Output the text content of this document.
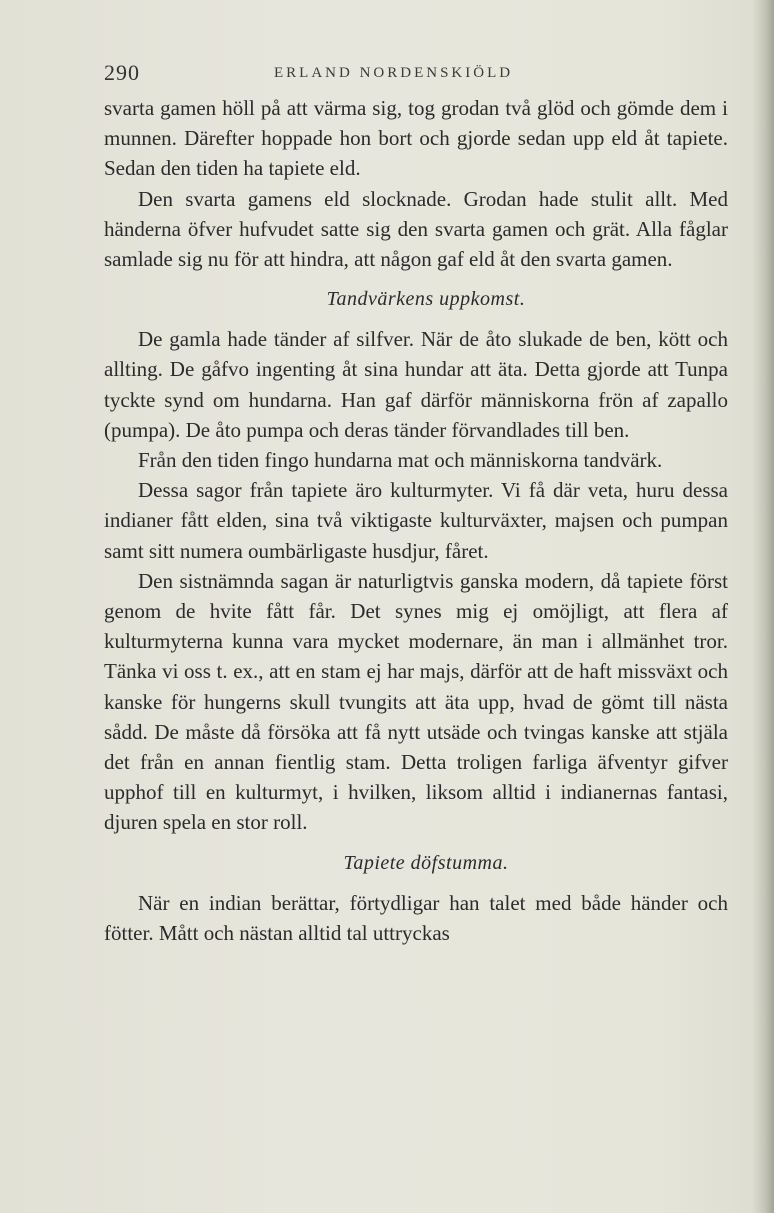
290	ERLAND NORDENSKIÖLD

svarta gamen höll på att värma sig, tog grodan två glöd och gömde dem i munnen. Därefter hoppade hon bort och gjorde sedan upp eld åt tapiete. Sedan den tiden ha tapiete eld.

Den svarta gamens eld slocknade. Grodan hade stulit allt. Med händerna öfver hufvudet satte sig den svarta gamen och grät. Alla fåglar samlade sig nu för att hindra, att någon gaf eld åt den svarta gamen.

Tandvärkens uppkomst.

De gamla hade tänder af silfver. När de åto slukade de ben, kött och allting. De gåfvo ingenting åt sina hundar att äta. Detta gjorde att Tunpa tyckte synd om hundarna. Han gaf därför människorna frön af zapallo (pumpa). De åto pumpa och deras tänder förvandlades till ben.

Från den tiden fingo hundarna mat och människorna tandvärk.

Dessa sagor från tapiete äro kulturmyter. Vi få där veta, huru dessa indianer fått elden, sina två viktigaste kulturväxter, majsen och pumpan samt sitt numera oumbärligaste husdjur, fåret.

Den sistnämnda sagan är naturligtvis ganska modern, då tapiete först genom de hvite fått får. Det synes mig ej omöjligt, att flera af kulturmyterna kunna vara mycket modernare, än man i allmänhet tror. Tänka vi oss t. ex., att en stam ej har majs, därför att de haft missväxt och kanske för hungerns skull tvungits att äta upp, hvad de gömt till nästa sådd. De måste då försöka att få nytt utsäde och tvingas kanske att stjäla det från en annan fientlig stam. Detta troligen farliga äfventyr gifver upphof till en kulturmyt, i hvilken, liksom alltid i indianernas fantasi, djuren spela en stor roll.

Tapiete döfstumma.

När en indian berättar, förtydligar han talet med både händer och fötter. Mått och nästan alltid tal uttryckas
